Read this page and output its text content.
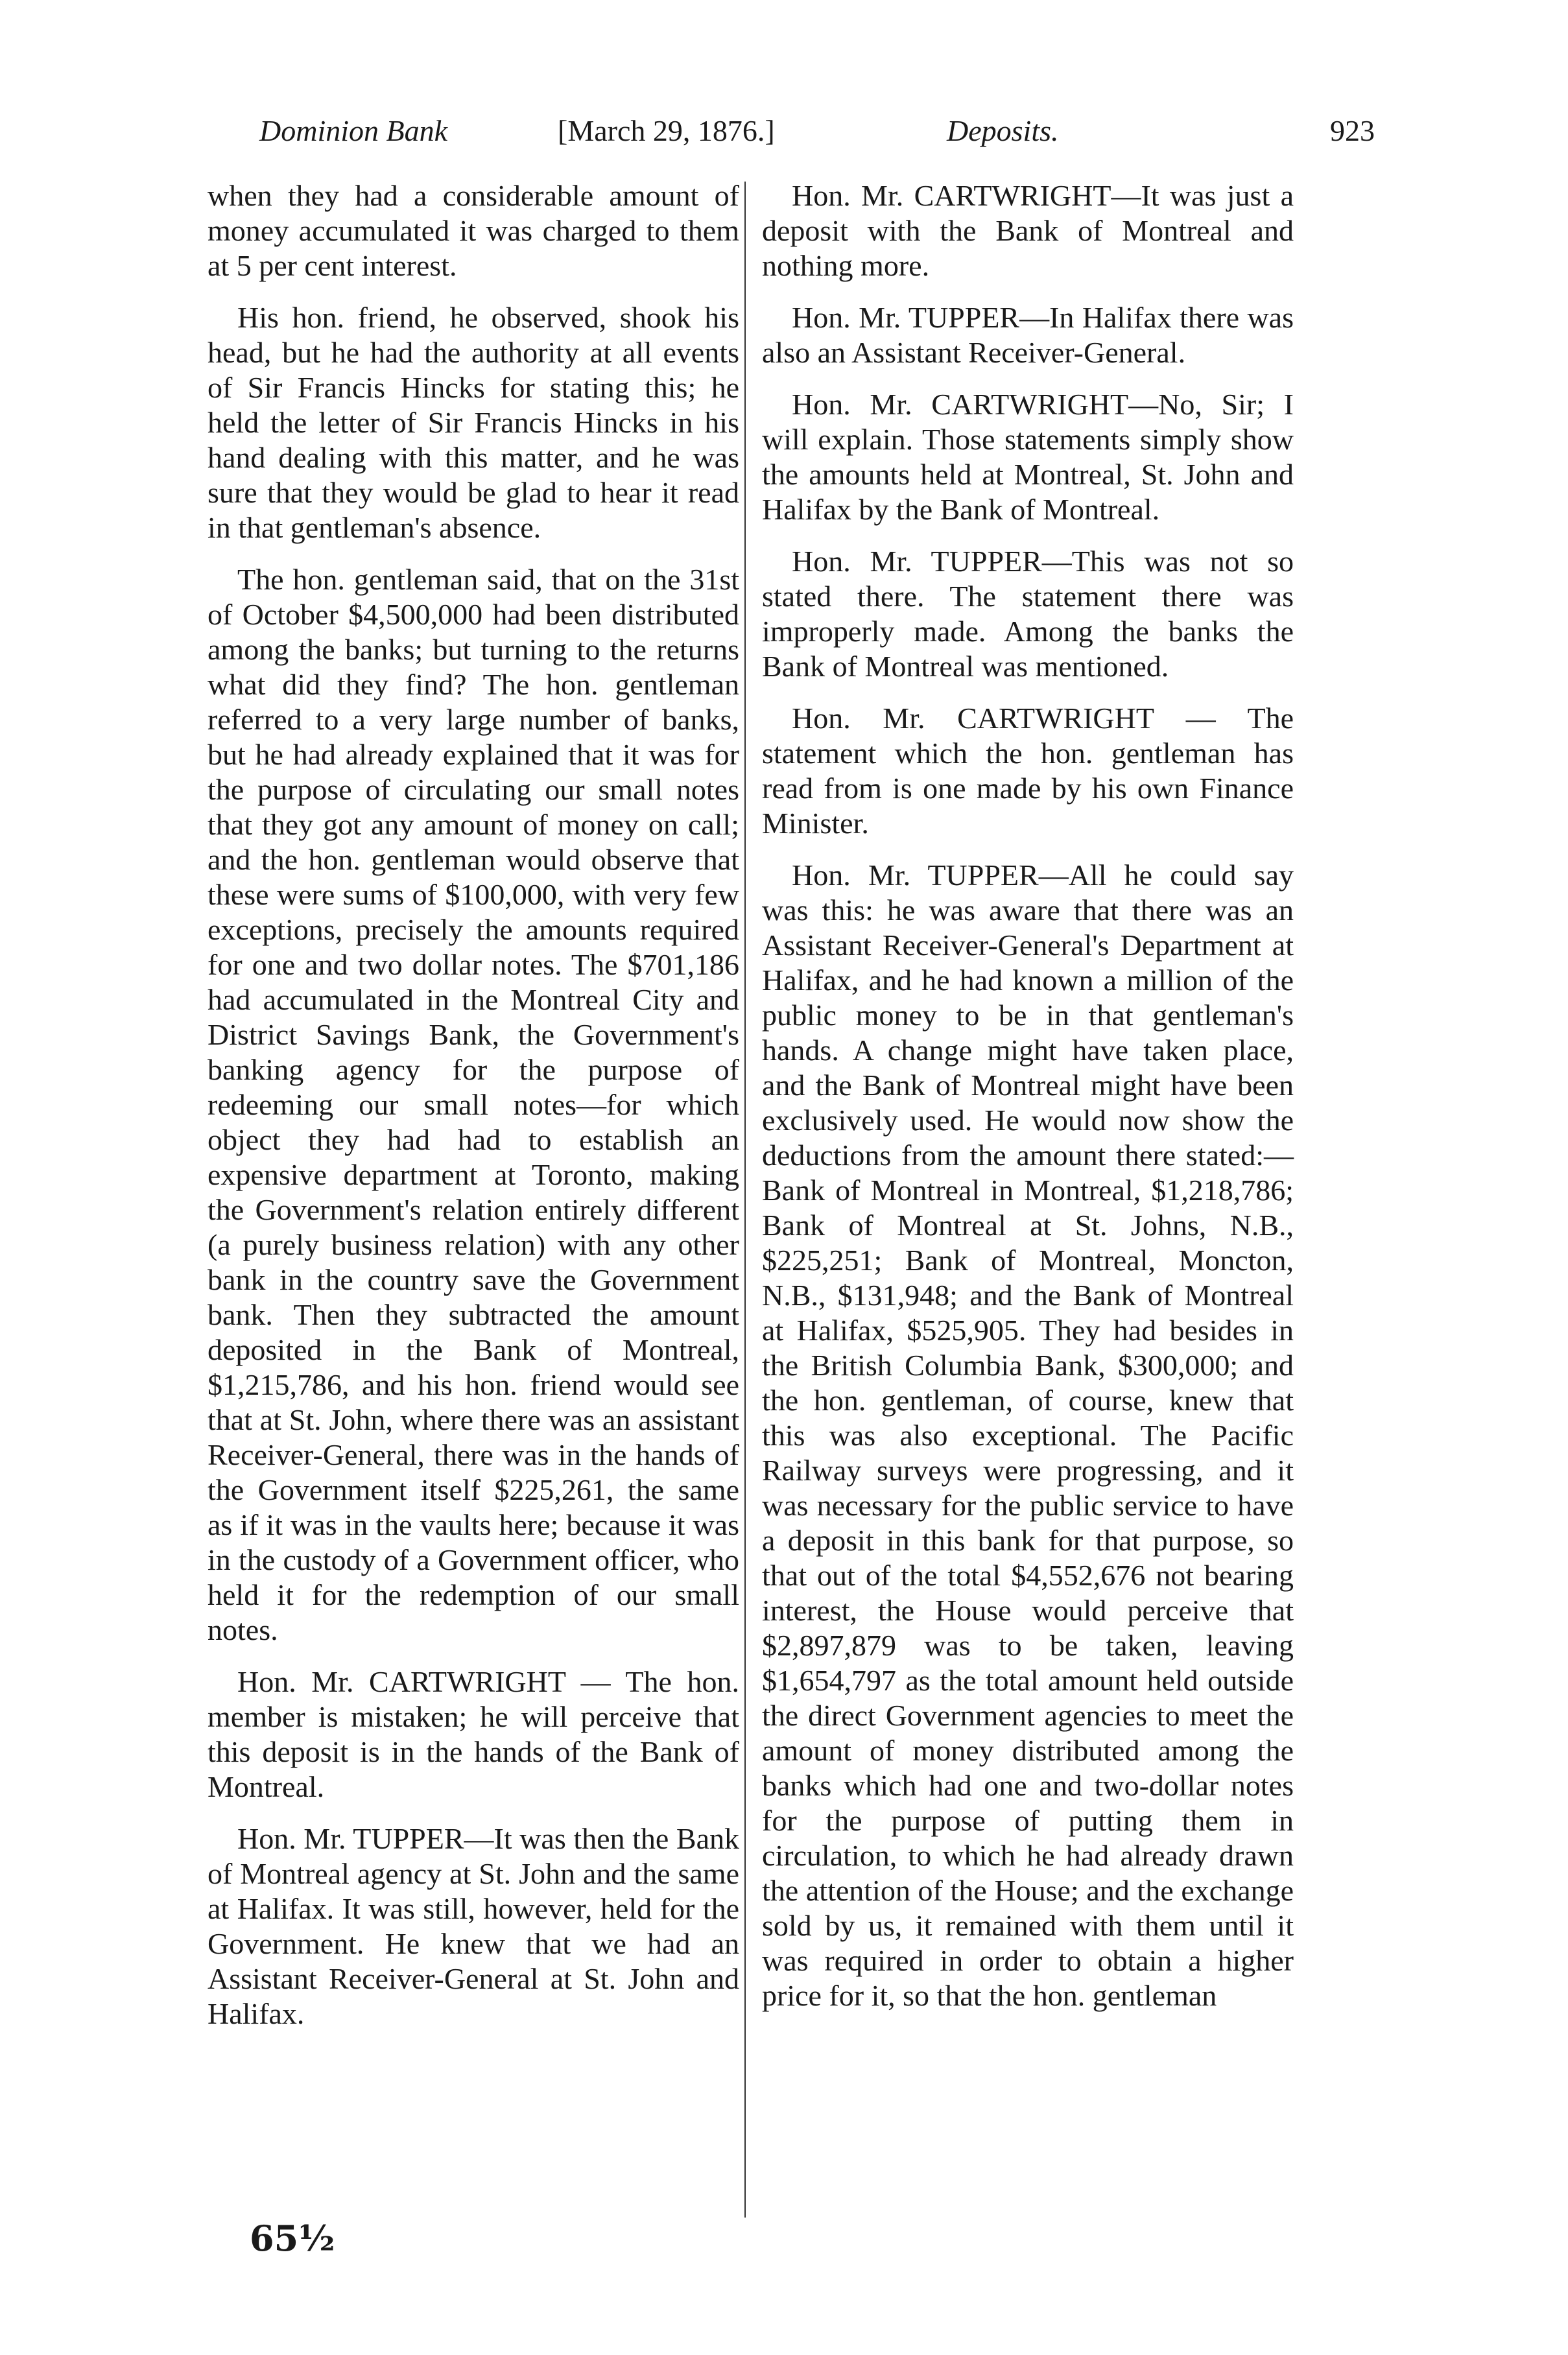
Dominion Bank	[March 29, 1876.]	Deposits.	923

when they had a considerable amount of money accumulated it was charged to them at 5 per cent interest.

His hon. friend, he observed, shook his head, but he had the authority at all events of Sir Francis Hincks for stating this; he held the letter of Sir Francis Hincks in his hand dealing with this matter, and he was sure that they would be glad to hear it read in that gentleman's absence.

The hon. gentleman said, that on the 31st of October $4,500,000 had been distributed among the banks; but turning to the returns what did they find? The hon. gentleman referred to a very large number of banks, but he had already explained that it was for the purpose of circulating our small notes that they got any amount of money on call; and the hon. gentleman would observe that these were sums of $100,000, with very few exceptions, precisely the amounts required for one and two dollar notes. The $701,186 had accumulated in the Montreal City and District Savings Bank, the Government's banking agency for the purpose of redeeming our small notes—for which object they had had to establish an expensive department at Toronto, making the Government's relation entirely different (a purely business relation) with any other bank in the country save the Government bank. Then they subtracted the amount deposited in the Bank of Montreal, $1,215,786, and his hon. friend would see that at St. John, where there was an assistant Receiver-General, there was in the hands of the Government itself $225,261, the same as if it was in the vaults here; because it was in the custody of a Government officer, who held it for the redemption of our small notes.

Hon. Mr. CARTWRIGHT — The hon. member is mistaken; he will perceive that this deposit is in the hands of the Bank of Montreal.

Hon. Mr. TUPPER—It was then the Bank of Montreal agency at St. John and the same at Halifax. It was still, however, held for the Government. He knew that we had an Assistant Receiver-General at St. John and Halifax.

Hon. Mr. CARTWRIGHT—It was just a deposit with the Bank of Montreal and nothing more.

Hon. Mr. TUPPER—In Halifax there was also an Assistant Receiver-General.

Hon. Mr. CARTWRIGHT—No, Sir; I will explain. Those statements simply show the amounts held at Montreal, St. John and Halifax by the Bank of Montreal.

Hon. Mr. TUPPER—This was not so stated there. The statement there was improperly made. Among the banks the Bank of Montreal was mentioned.

Hon. Mr. CARTWRIGHT — The statement which the hon. gentleman has read from is one made by his own Finance Minister.

Hon. Mr. TUPPER—All he could say was this: he was aware that there was an Assistant Receiver-General's Department at Halifax, and he had known a million of the public money to be in that gentleman's hands. A change might have taken place, and the Bank of Montreal might have been exclusively used. He would now show the deductions from the amount there stated:—Bank of Montreal in Montreal, $1,218,786; Bank of Montreal at St. Johns, N.B., $225,251; Bank of Montreal, Moncton, N.B., $131,948; and the Bank of Montreal at Halifax, $525,905. They had besides in the British Columbia Bank, $300,000; and the hon. gentleman, of course, knew that this was also exceptional. The Pacific Railway surveys were progressing, and it was necessary for the public service to have a deposit in this bank for that purpose, so that out of the total $4,552,676 not bearing interest, the House would perceive that $2,897,879 was to be taken, leaving $1,654,797 as the total amount held outside the direct Government agencies to meet the amount of money distributed among the banks which had one and two-dollar notes for the purpose of putting them in circulation, to which he had already drawn the attention of the House; and the exchange sold by us, it remained with them until it was required in order to obtain a higher price for it, so that the hon. gentleman

65½
